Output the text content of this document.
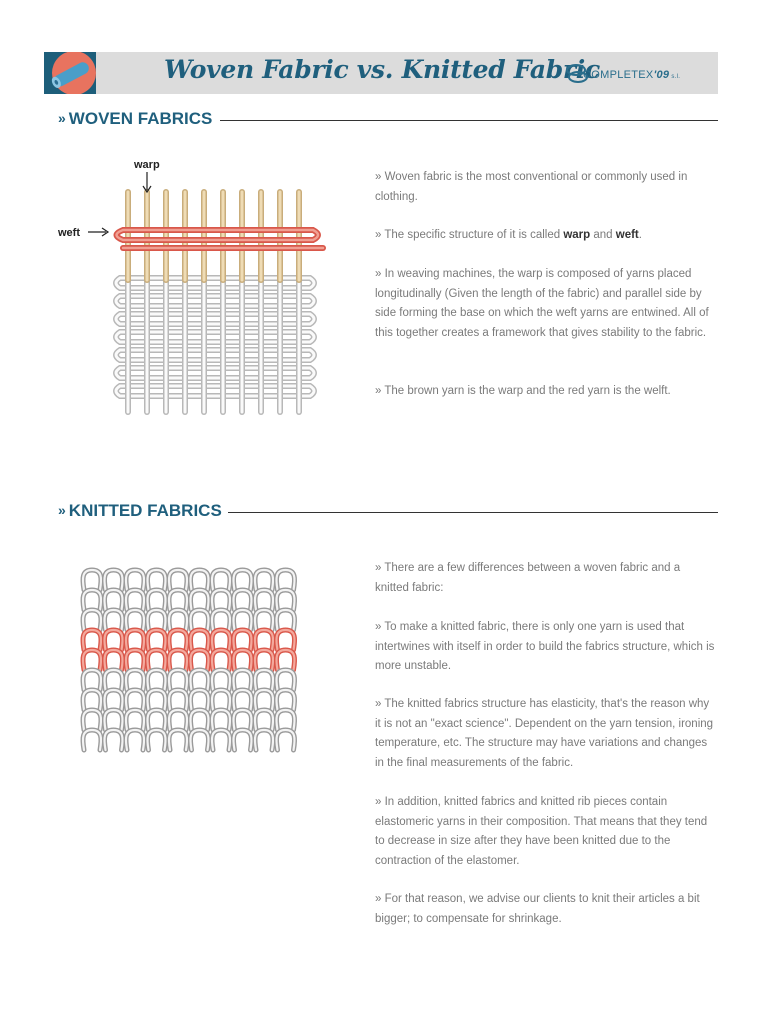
Woven Fabric vs. Knitted Fabric
COMPLETEX'09 s.l.
» WOVEN FABRICS
warp
weft

» Woven fabric is the most conventional or commonly used in clothing.

» The specific structure of it is called warp and weft.

» In weaving machines, the warp is composed of yarns placed longitudinally (Given the length of the fabric) and parallel side by side forming the base on which the weft yarns are entwined. All of this together creates a framework that gives stability to the fabric.

» The brown yarn is the warp and the red yarn is the welft.

» KNITTED FABRICS

» There are a few differences between a woven fabric and a knitted fabric:

» To make a knitted fabric, there is only one yarn is used that intertwines with itself in order to build the fabrics structure, which is more unstable.

» The knitted fabrics structure has elasticity, that's the reason why it is not an "exact science". Dependent on the yarn tension, ironing temperature, etc. The structure may have variations and changes in the final measurements of the fabric.

» In addition, knitted fabrics and knitted rib pieces contain elastomeric yarns in their composition. That means that they tend to decrease in size after they have been knitted due to the contraction of the elastomer.

» For that reason, we advise our clients to knit their articles a bit bigger; to compensate for shrinkage.
